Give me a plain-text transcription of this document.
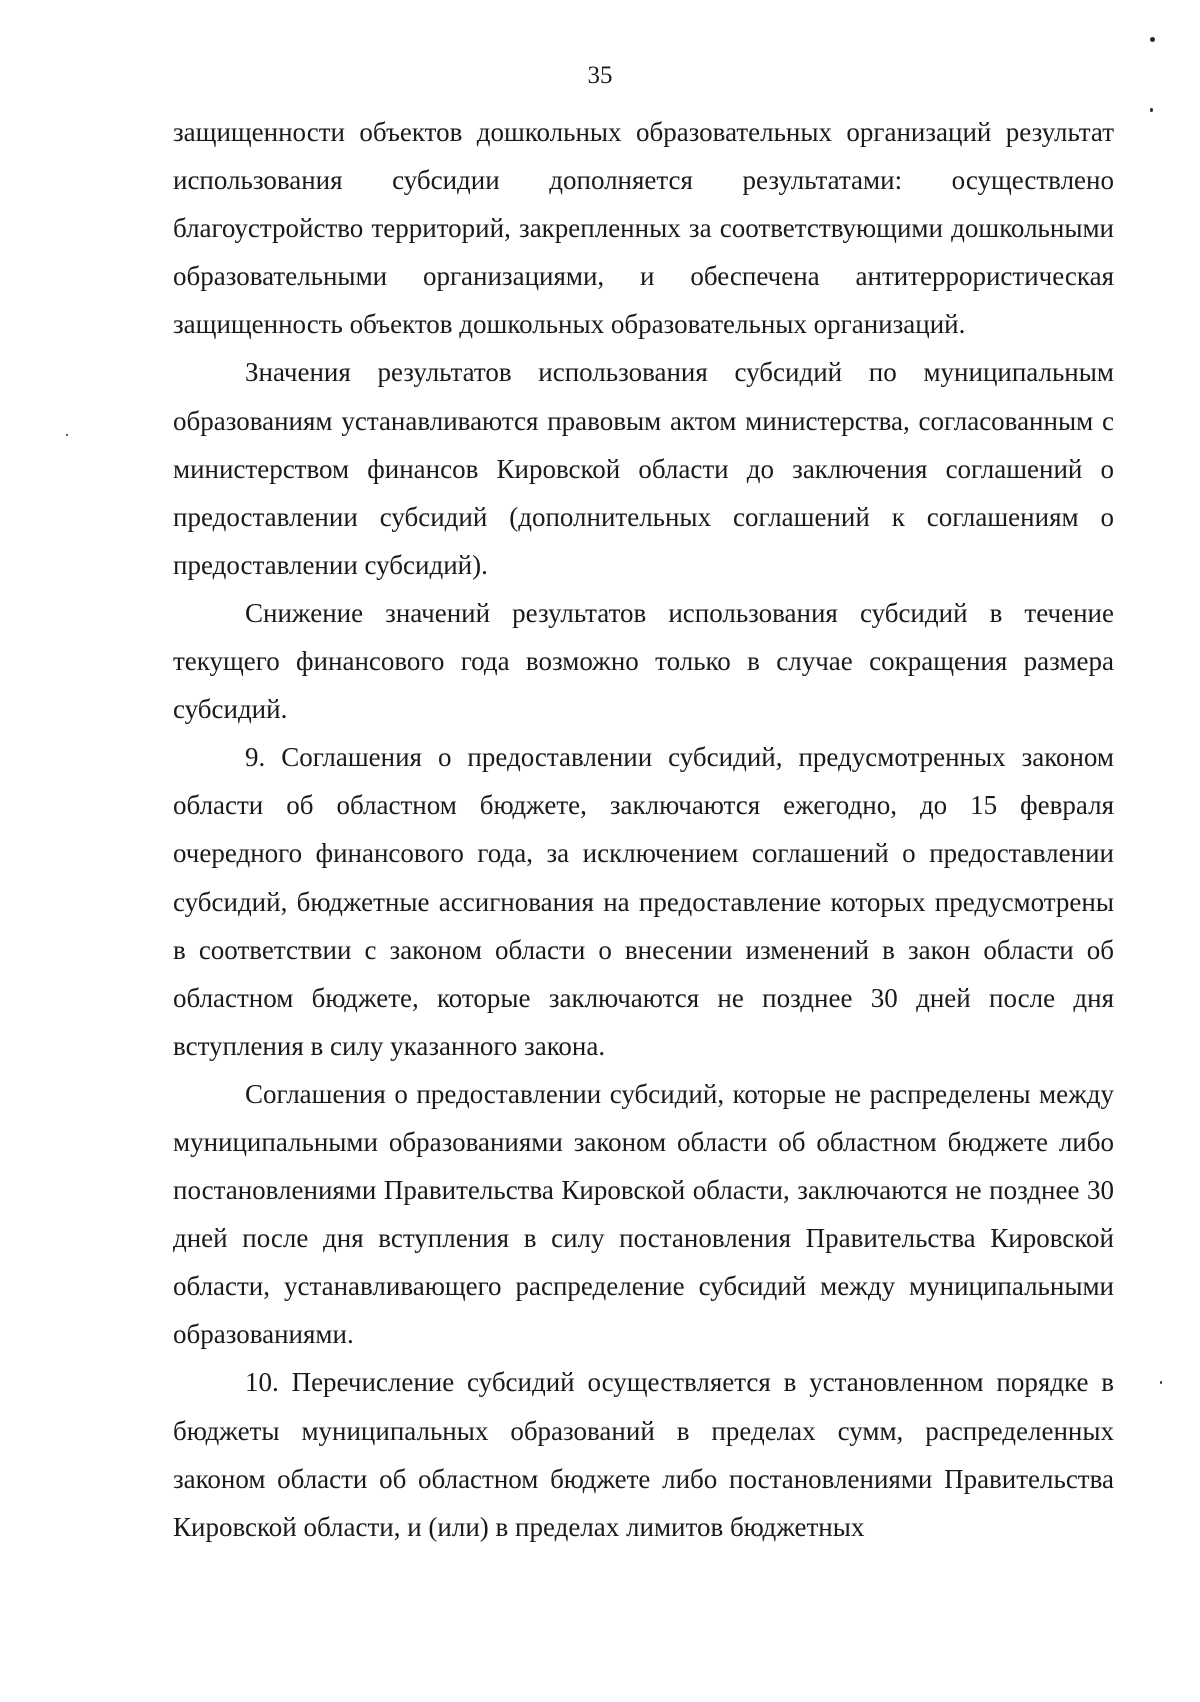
35

защищенности объектов дошкольных образовательных организаций результат использования субсидии дополняется результатами: осуществлено благоустройство территорий, закрепленных за соответствующими дошкольными образовательными организациями, и обеспечена антитеррористическая защищенность объектов дошкольных образовательных организаций.

Значения результатов использования субсидий по муниципальным образованиям устанавливаются правовым актом министерства, согласованным с министерством финансов Кировской области до заключения соглашений о предоставлении субсидий (дополнительных соглашений к соглашениям о предоставлении субсидий).

Снижение значений результатов использования субсидий в течение текущего финансового года возможно только в случае сокращения размера субсидий.

9. Соглашения о предоставлении субсидий, предусмотренных законом области об областном бюджете, заключаются ежегодно, до 15 февраля очередного финансового года, за исключением соглашений о предоставлении субсидий, бюджетные ассигнования на предоставление которых предусмотрены в соответствии с законом области о внесении изменений в закон области об областном бюджете, которые заключаются не позднее 30 дней после дня вступления в силу указанного закона.

Соглашения о предоставлении субсидий, которые не распределены между муниципальными образованиями законом области об областном бюджете либо постановлениями Правительства Кировской области, заключаются не позднее 30 дней после дня вступления в силу постановления Правительства Кировской области, устанавливающего распределение субсидий между муниципальными образованиями.

10. Перечисление субсидий осуществляется в установленном порядке в бюджеты муниципальных образований в пределах сумм, распределенных законом области об областном бюджете либо постановлениями Правительства Кировской области, и (или) в пределах лимитов бюджетных
